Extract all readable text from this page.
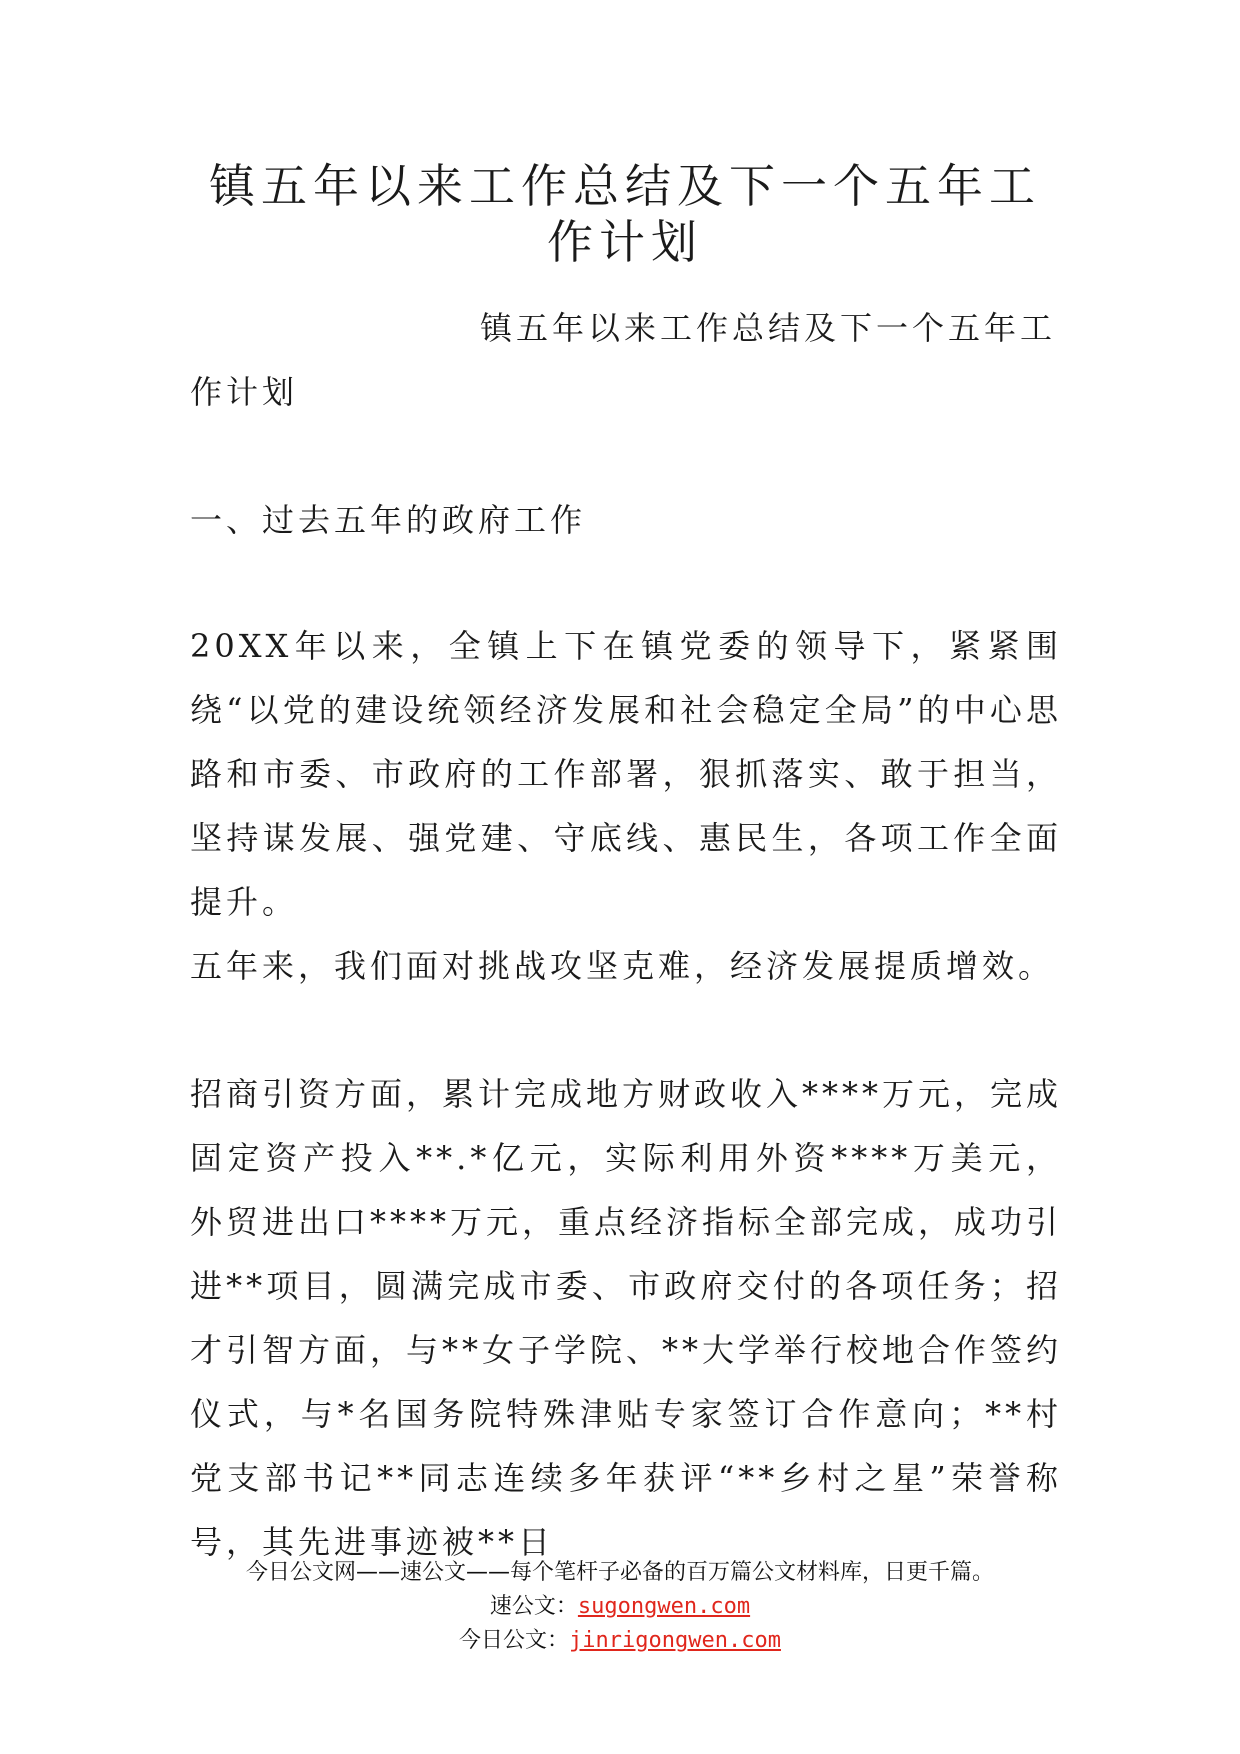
镇五年以来工作总结及下一个五年工作计划

镇五年以来工作总结及下一个五年工作计划

一、过去五年的政府工作

20XX年以来，全镇上下在镇党委的领导下，紧紧围绕“以党的建设统领经济发展和社会稳定全局”的中心思路和市委、市政府的工作部署，狠抓落实、敢于担当，坚持谋发展、强党建、守底线、惠民生，各项工作全面提升。

五年来，我们面对挑战攻坚克难，经济发展提质增效。

招商引资方面，累计完成地方财政收入****万元，完成固定资产投入**.*亿元，实际利用外资****万美元，外贸进出口****万元，重点经济指标全部完成，成功引进**项目，圆满完成市委、市政府交付的各项任务；招才引智方面，与**女子学院、**大学举行校地合作签约仪式，与*名国务院特殊津贴专家签订合作意向；**村党支部书记**同志连续多年获评“**乡村之星”荣誉称号，其先进事迹被**日

今日公文网——速公文——每个笔杆子必备的百万篇公文材料库，日更千篇。
速公文：sugongwen.com
今日公文：jinrigongwen.com
